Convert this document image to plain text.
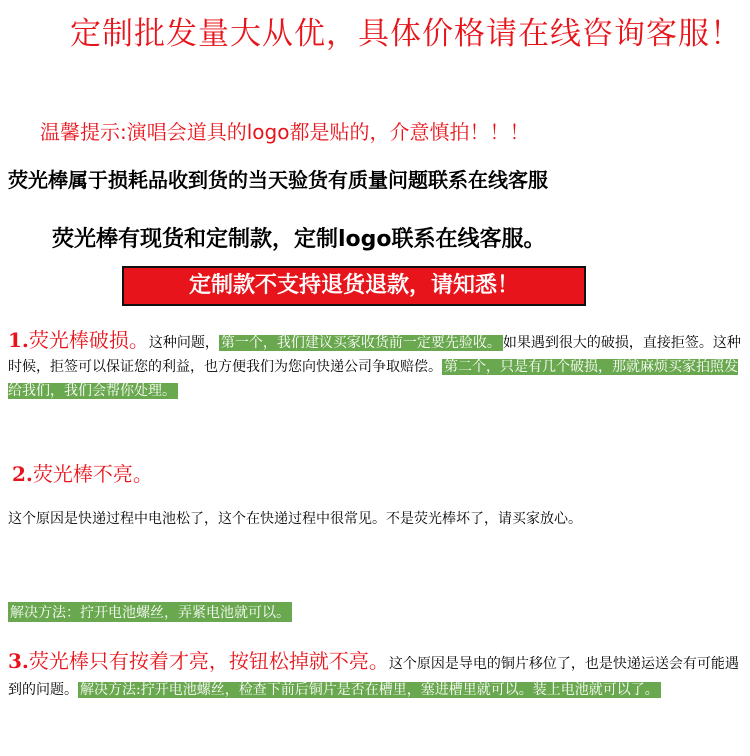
定制批发量大从优，具体价格请在线咨询客服！
温馨提示:演唱会道具的logo都是贴的，介意慎拍！！！
荧光棒属于损耗品收到货的当天验货有质量问题联系在线客服
荧光棒有现货和定制款，定制logo联系在线客服。
定制款不支持退货退款，请知悉！
1.荧光棒破损。这种问题， 第一个，我们建议买家收货前一定要先验收。 如果遇到很大的破损，直接拒签。这种时候，拒签可以保证您的利益，也方便我们为您向快递公司争取赔偿。 第二个，只是有几个破损，那就麻烦买家拍照发给我们，我们会帮你处理。
2.荧光棒不亮。
这个原因是快递过程中电池松了，这个在快递过程中很常见。不是荧光棒坏了，请买家放心。
解决方法：拧开电池螺丝，弄紧电池就可以。
3.荧光棒只有按着才亮，按钮松掉就不亮。这个原因是导电的铜片移位了，也是快递运送会有可能遇到的问题。 解决方法:拧开电池螺丝，检查下前后铜片是否在槽里，塞进槽里就可以。装上电池就可以了。
